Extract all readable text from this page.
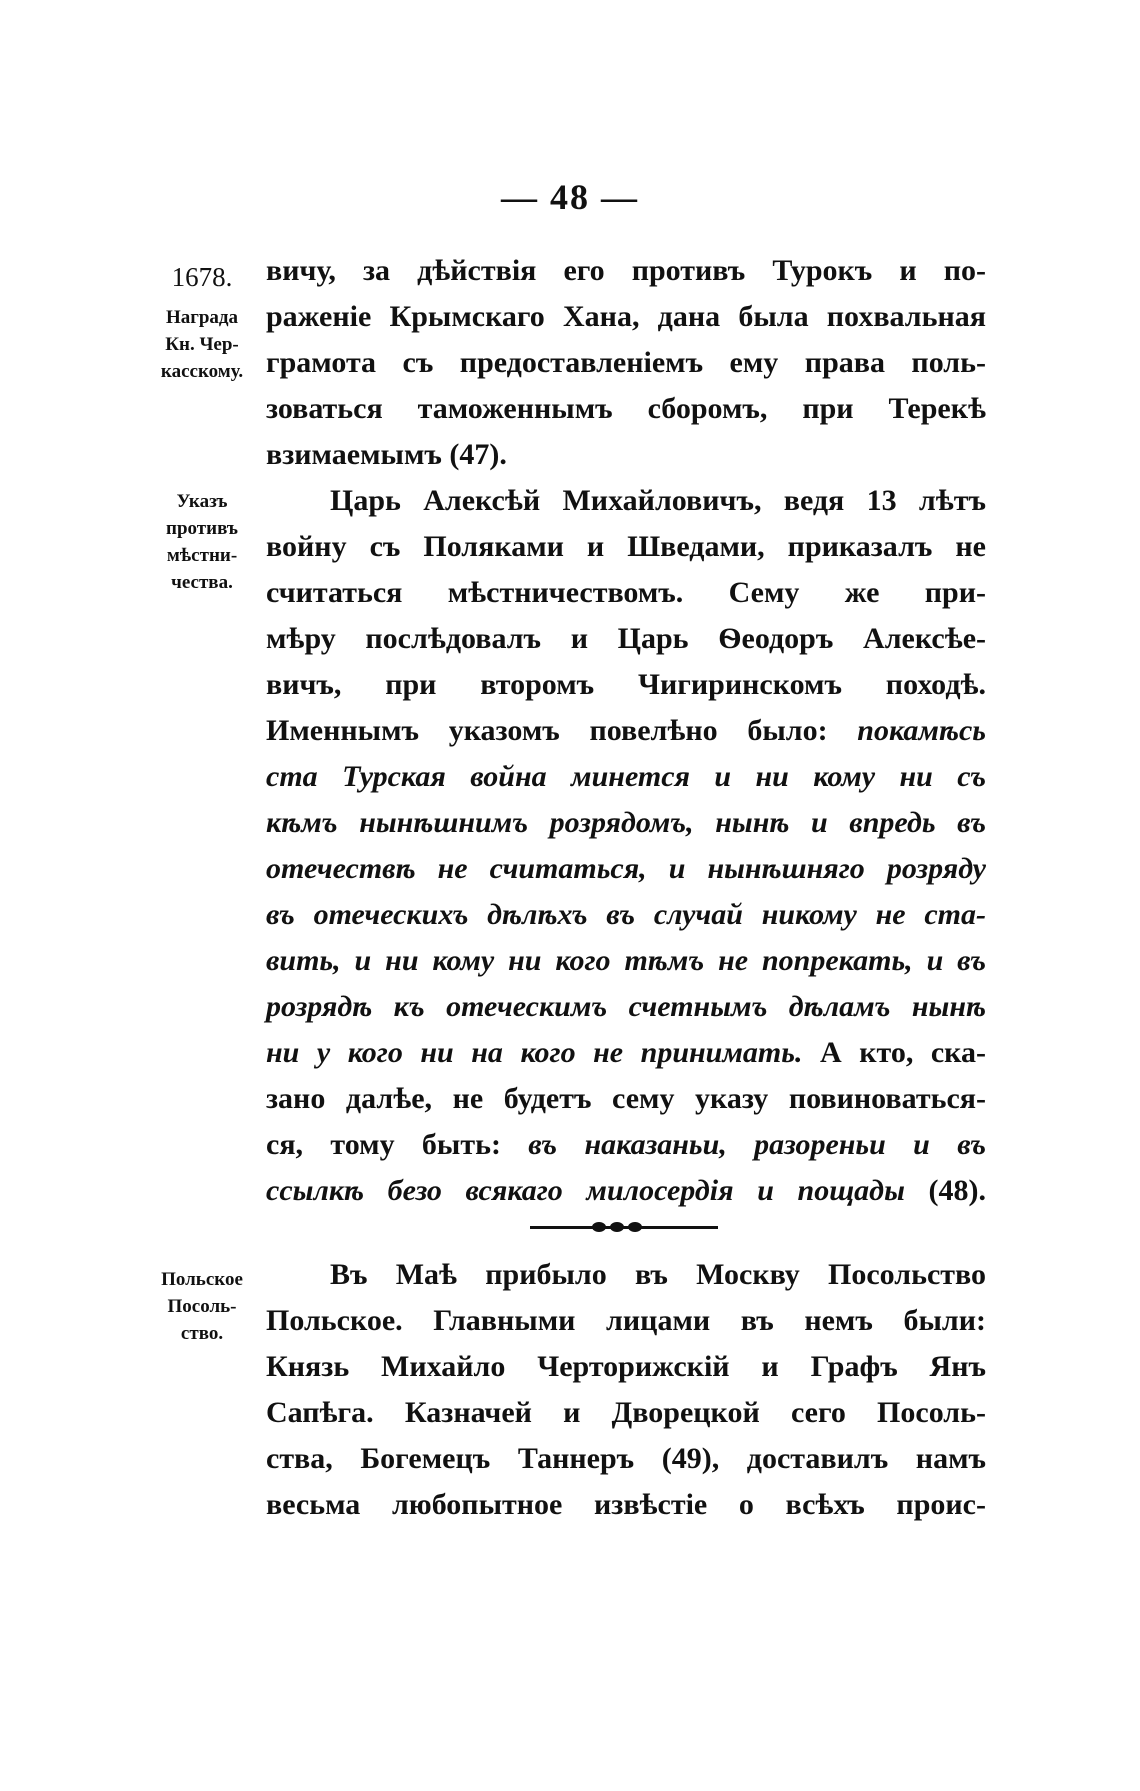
— 48 —
1678.
Награда
Кн. Чер-
касскому.
Указъ
противъ
мѣстни-
чества.
Польское
Посоль-
ство.
вичу, за дѣйствія его противъ Турокъ и по-
раженіе Крымскаго Хана, дана была похвальная
грамота съ предоставленіемъ ему права поль-
зоваться таможеннымъ сборомъ, при Терекѣ
взимаемымъ (47).
Царь Алексѣй Михайловичъ, ведя 13 лѣтъ
войну съ Поляками и Шведами, приказалъ не
считаться мѣстничествомъ. Сему же при-
мѣру послѣдовалъ и Царь Ѳеодоръ Алексѣе-
вичъ, при второмъ Чигиринскомъ походѣ.
Именнымъ указомъ повелѣно было: покамѣсь
ста Турская война минется и ни кому ни съ
кѣмъ нынѣшнимъ розрядомъ, нынѣ и впредь въ
отечествѣ не считаться, и нынѣшняго розряду
въ отеческихъ дѣлѣхъ въ случай никому не ста-
вить, и ни кому ни кого тѣмъ не попрекать, и въ
розрядѣ къ отеческимъ счетнымъ дѣламъ нынѣ
ни у кого ни на кого не принимать. А кто, ска-
зано далѣе, не будетъ сему указу повиноваться-
ся, тому быть: въ наказаньи, разореньи и въ
ссылкѣ безо всякаго милосердія и пощады (48).
Въ Маѣ прибыло въ Москву Посольство
Польское. Главными лицами въ немъ были:
Князь Михайло Черторижскій и Графъ Янъ
Сапѣга. Казначей и Дворецкой сего Посоль-
ства, Богемецъ Таннеръ (49), доставилъ намъ
весьма любопытное извѣстіе о всѣхъ проис-
